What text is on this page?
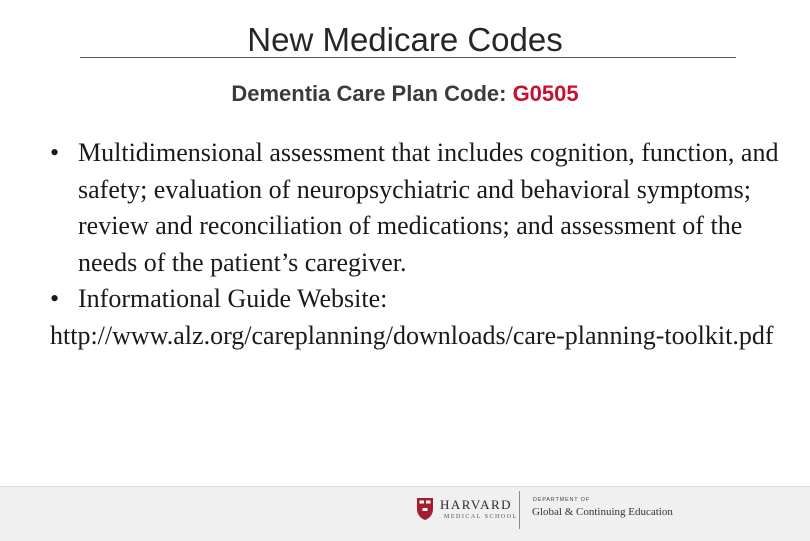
New Medicare Codes
Dementia Care Plan Code: G0505
• Multidimensional assessment that includes cognition, function, and safety; evaluation of neuropsychiatric and behavioral symptoms; review and reconciliation of medications; and assessment of the needs of the patient’s caregiver.
• Informational Guide Website:
http://www.alz.org/careplanning/downloads/care-planning-toolkit.pdf
HARVARD
MEDICAL SCHOOL
DEPARTMENT OF
Global & Continuing Education
